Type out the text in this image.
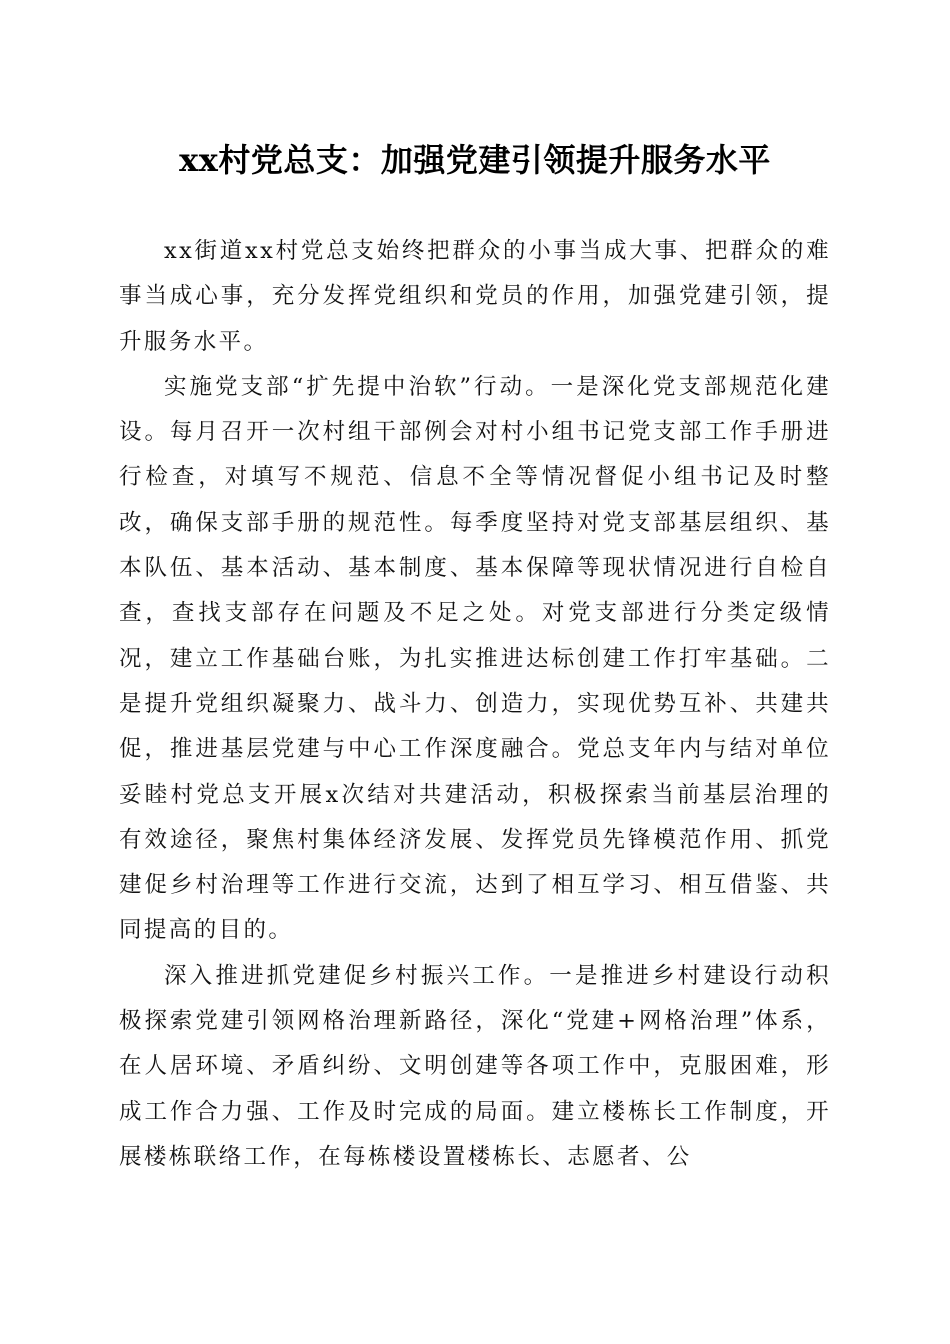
xx村党总支：加强党建引领提升服务水平

xx街道xx村党总支始终把群众的小事当成大事、把群众的难事当成心事，充分发挥党组织和党员的作用，加强党建引领，提升服务水平。

实施党支部“扩先提中治软”行动。一是深化党支部规范化建设。每月召开一次村组干部例会对村小组书记党支部工作手册进行检查，对填写不规范、信息不全等情况督促小组书记及时整改，确保支部手册的规范性。每季度坚持对党支部基层组织、基本队伍、基本活动、基本制度、基本保障等现状情况进行自检自查，查找支部存在问题及不足之处。对党支部进行分类定级情况，建立工作基础台账，为扎实推进达标创建工作打牢基础。二是提升党组织凝聚力、战斗力、创造力，实现优势互补、共建共促，推进基层党建与中心工作深度融合。党总支年内与结对单位妥睦村党总支开展x次结对共建活动，积极探索当前基层治理的有效途径，聚焦村集体经济发展、发挥党员先锋模范作用、抓党建促乡村治理等工作进行交流，达到了相互学习、相互借鉴、共同提高的目的。

深入推进抓党建促乡村振兴工作。一是推进乡村建设行动积极探索党建引领网格治理新路径，深化“党建+网格治理”体系，在人居环境、矛盾纠纷、文明创建等各项工作中，克服困难，形成工作合力强、工作及时完成的局面。建立楼栋长工作制度，开展楼栋联络工作，在每栋楼设置楼栋长、志愿者、公
